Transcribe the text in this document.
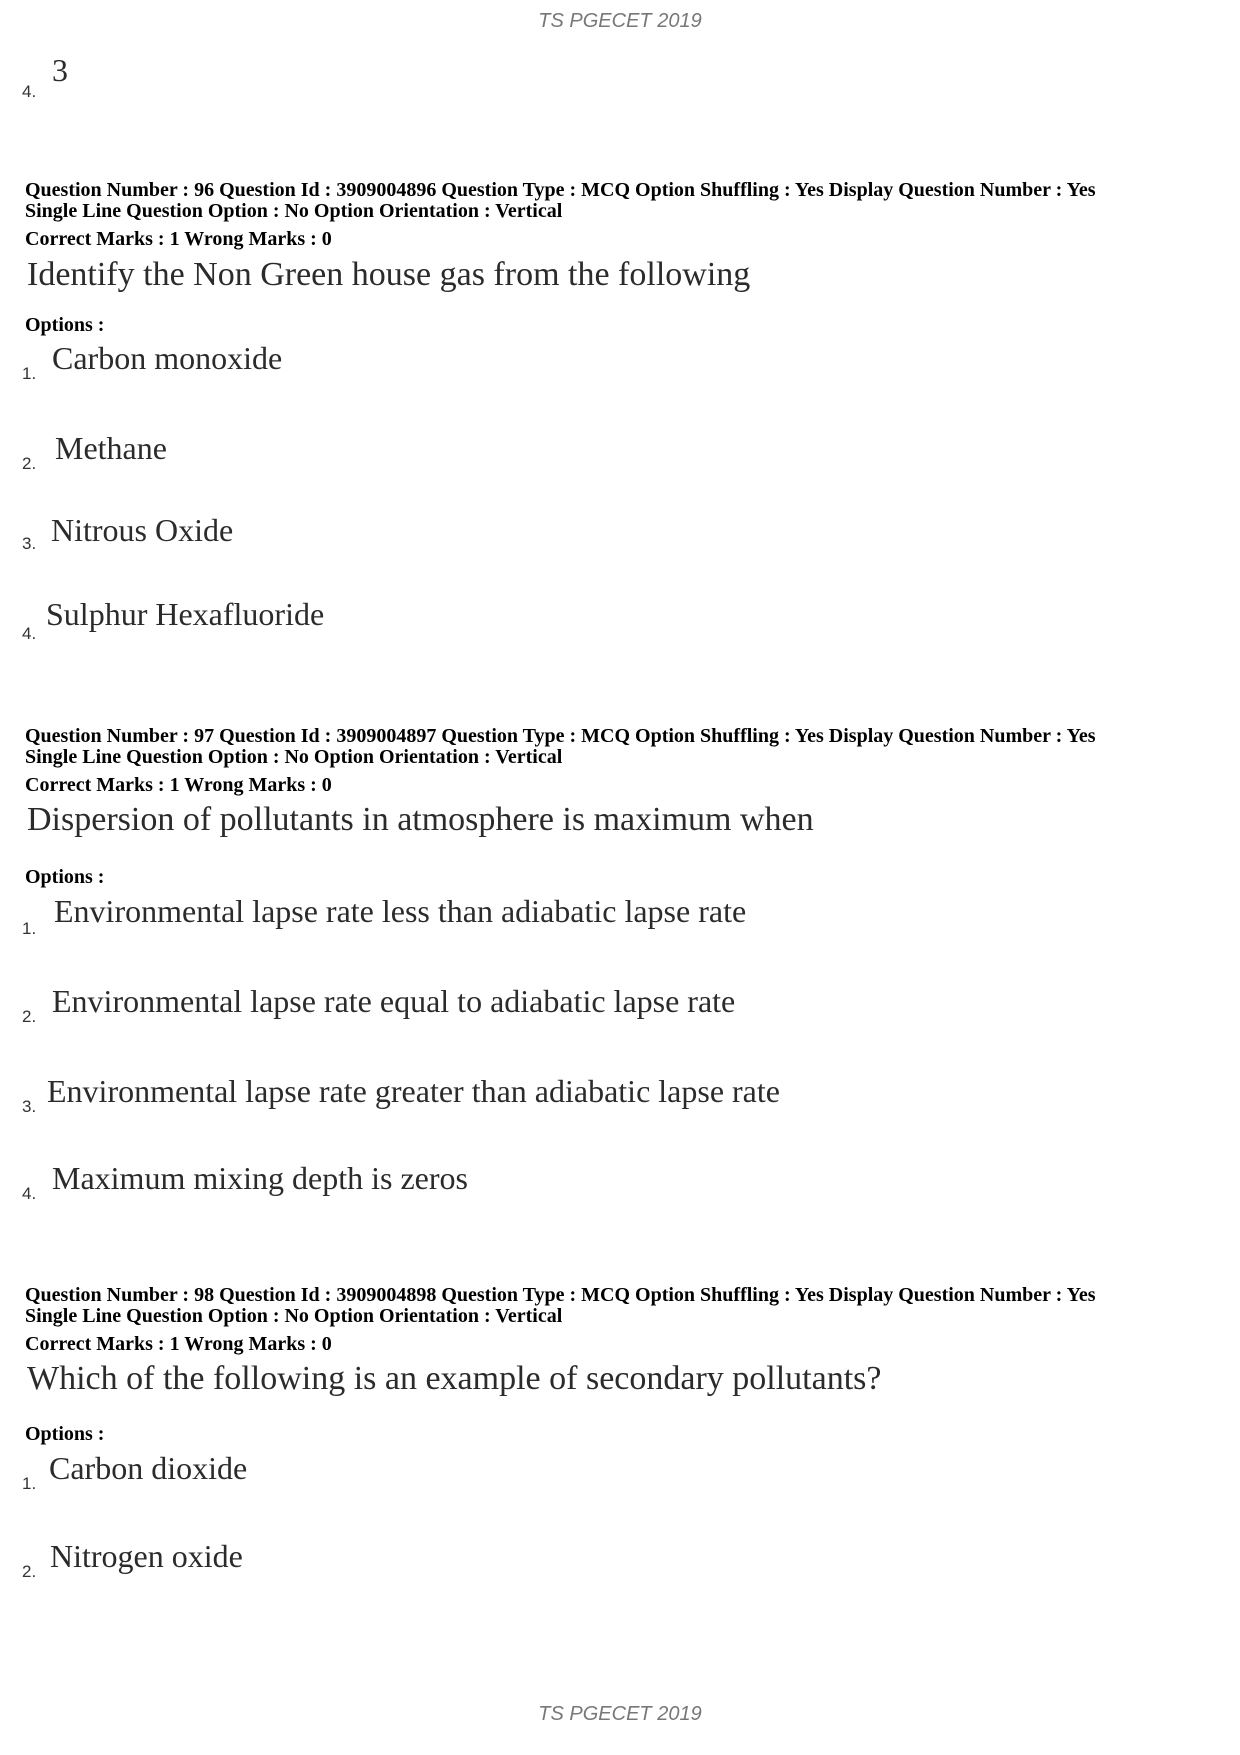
TS PGECET 2019
4.
3
Question Number : 96 Question Id : 3909004896 Question Type : MCQ Option Shuffling : Yes Display Question Number : Yes
Single Line Question Option : No Option Orientation : Vertical
Correct Marks : 1 Wrong Marks : 0
Identify the Non Green house gas from the following
Options :
1. Carbon monoxide
2. Methane
3. Nitrous Oxide
4.
Sulphur Hexafluoride
Question Number : 97 Question Id : 3909004897 Question Type : MCQ Option Shuffling : Yes Display Question Number : Yes
Single Line Question Option : No Option Orientation : Vertical
Correct Marks : 1 Wrong Marks : 0
Dispersion of pollutants in atmosphere is maximum when
Options :
1. Environmental lapse rate less than adiabatic lapse rate
2. Environmental lapse rate equal to adiabatic lapse rate
3. Environmental lapse rate greater than adiabatic lapse rate
4. Maximum mixing depth is zeros
Question Number : 98 Question Id : 3909004898 Question Type : MCQ Option Shuffling : Yes Display Question Number : Yes
Single Line Question Option : No Option Orientation : Vertical
Correct Marks : 1 Wrong Marks : 0
Which of the following is an example of secondary pollutants?
Options :
1. Carbon dioxide
2. Nitrogen oxide
TS PGECET 2019
